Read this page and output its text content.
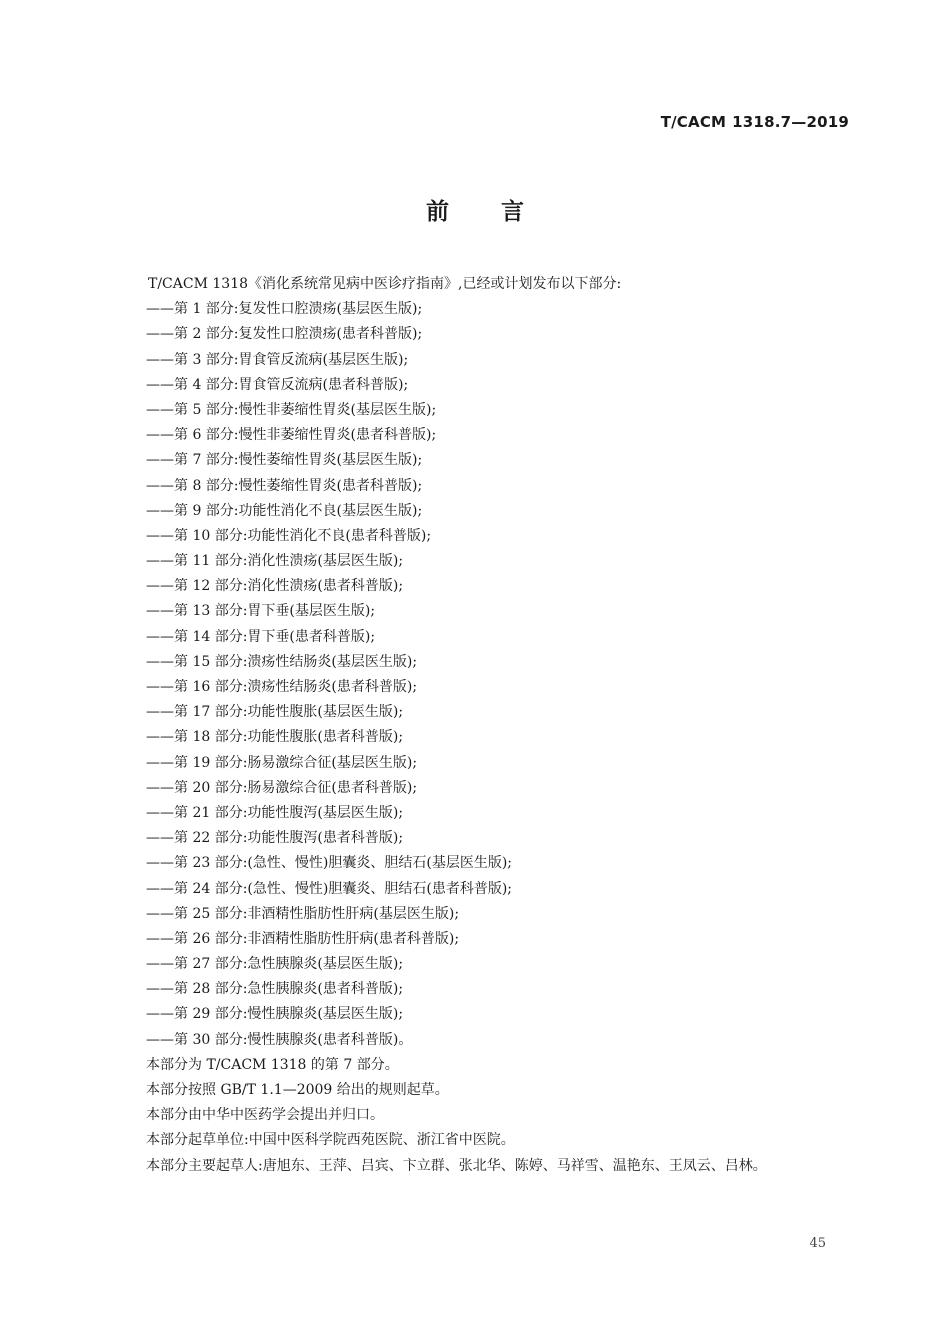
T/CACM 1318.7—2019
前言
T/CACM 1318《消化系统常见病中医诊疗指南》,已经或计划发布以下部分:
——第 1 部分:复发性口腔溃疡(基层医生版);
——第 2 部分:复发性口腔溃疡(患者科普版);
——第 3 部分:胃食管反流病(基层医生版);
——第 4 部分:胃食管反流病(患者科普版);
——第 5 部分:慢性非萎缩性胃炎(基层医生版);
——第 6 部分:慢性非萎缩性胃炎(患者科普版);
——第 7 部分:慢性萎缩性胃炎(基层医生版);
——第 8 部分:慢性萎缩性胃炎(患者科普版);
——第 9 部分:功能性消化不良(基层医生版);
——第 10 部分:功能性消化不良(患者科普版);
——第 11 部分:消化性溃疡(基层医生版);
——第 12 部分:消化性溃疡(患者科普版);
——第 13 部分:胃下垂(基层医生版);
——第 14 部分:胃下垂(患者科普版);
——第 15 部分:溃疡性结肠炎(基层医生版);
——第 16 部分:溃疡性结肠炎(患者科普版);
——第 17 部分:功能性腹胀(基层医生版);
——第 18 部分:功能性腹胀(患者科普版);
——第 19 部分:肠易激综合征(基层医生版);
——第 20 部分:肠易激综合征(患者科普版);
——第 21 部分:功能性腹泻(基层医生版);
——第 22 部分:功能性腹泻(患者科普版);
——第 23 部分:(急性、慢性)胆囊炎、胆结石(基层医生版);
——第 24 部分:(急性、慢性)胆囊炎、胆结石(患者科普版);
——第 25 部分:非酒精性脂肪性肝病(基层医生版);
——第 26 部分:非酒精性脂肪性肝病(患者科普版);
——第 27 部分:急性胰腺炎(基层医生版);
——第 28 部分:急性胰腺炎(患者科普版);
——第 29 部分:慢性胰腺炎(基层医生版);
——第 30 部分:慢性胰腺炎(患者科普版)。
本部分为 T/CACM 1318 的第 7 部分。
本部分按照 GB/T 1.1—2009 给出的规则起草。
本部分由中华中医药学会提出并归口。
本部分起草单位:中国中医科学院西苑医院、浙江省中医院。
本部分主要起草人:唐旭东、王萍、吕宾、卞立群、张北华、陈婷、马祥雪、温艳东、王凤云、吕林。
45
